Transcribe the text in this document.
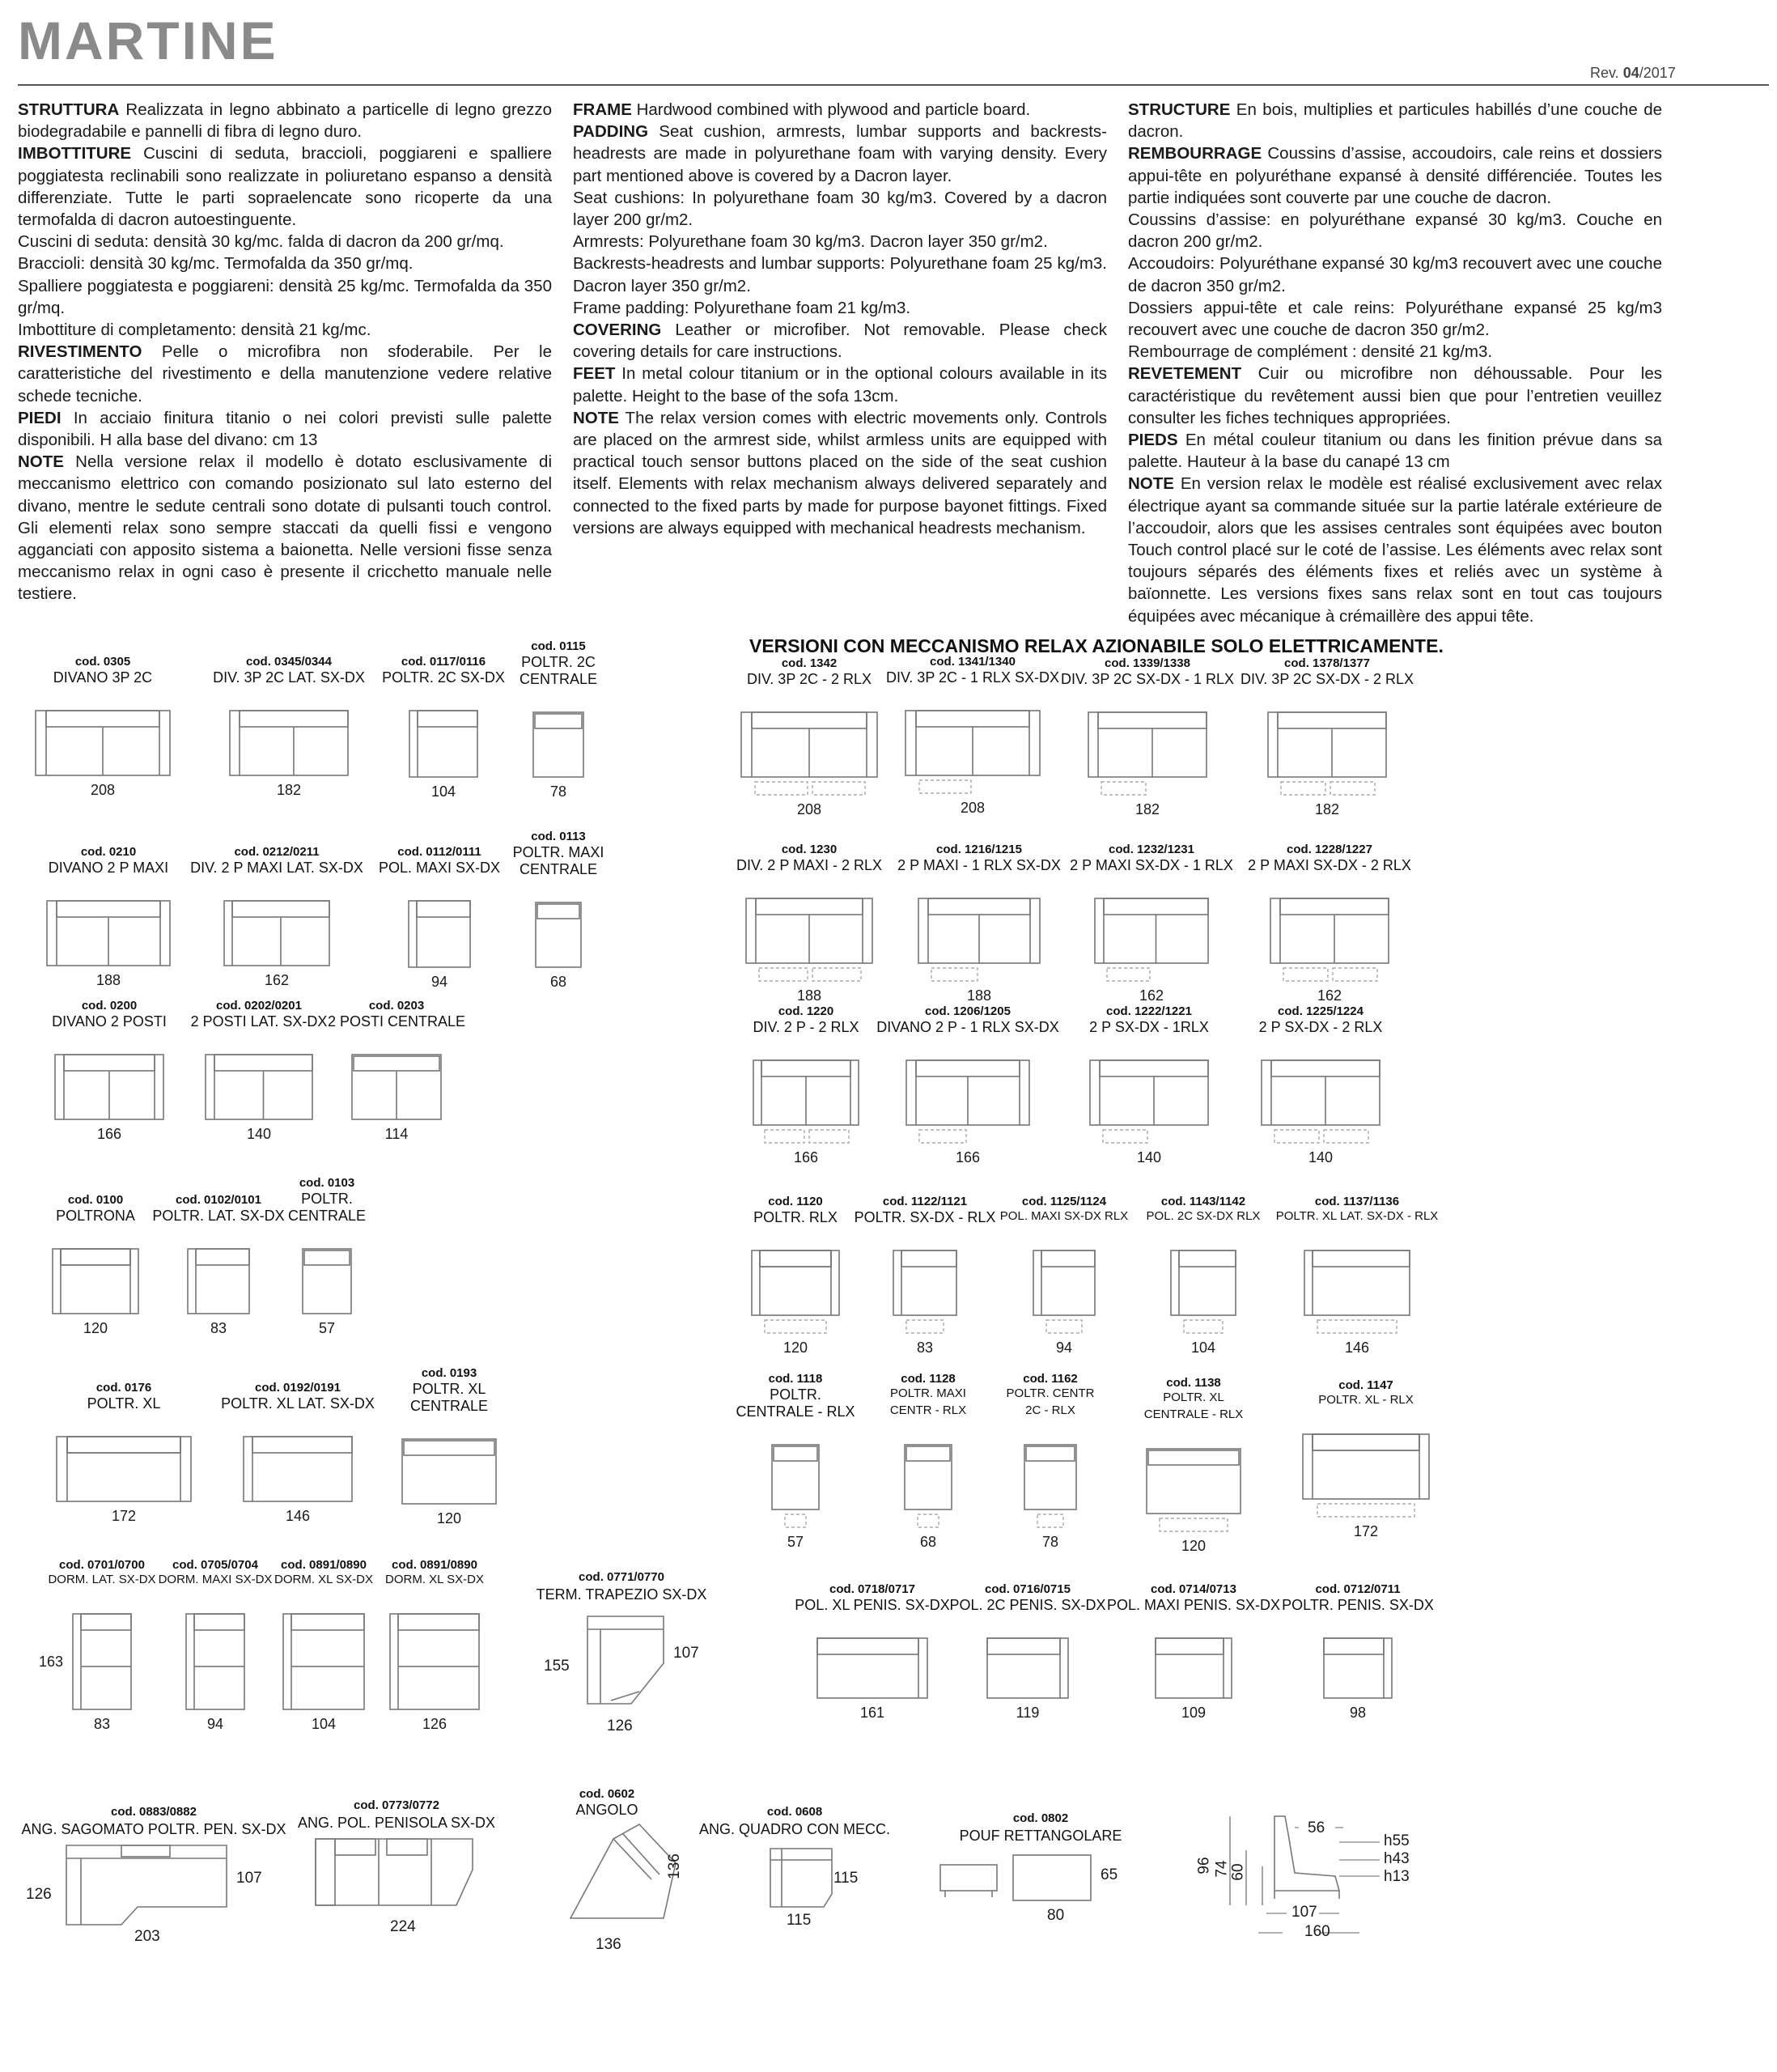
MARTINE
Rev. 04/2017

STRUTTURA Realizzata in legno abbinato a particelle di legno grezzo biodegradabile e pannelli di fibra di legno duro.

IMBOTTITURE Cuscini di seduta, braccioli, poggiareni e spalliere poggiatesta reclinabili sono realizzate in poliuretano espanso a densità differenziate. Tutte le parti sopraelencate sono ricoperte da una termofalda di dacron autoestinguente.

Cuscini di seduta: densità 30 kg/mc. falda di dacron da 200 gr/mq.

Braccioli: densità 30 kg/mc. Termofalda da 350 gr/mq.

Spalliere poggiatesta e poggiareni: densità 25 kg/mc. Termofalda da 350 gr/mq.

Imbottiture di completamento: densità 21 kg/mc.

RIVESTIMENTO Pelle o microfibra non sfoderabile. Per le caratteristiche del rivestimento e della manutenzione vedere relative schede tecniche.

PIEDI In acciaio finitura titanio o nei colori previsti sulle palette disponibili. H alla base del divano: cm 13

NOTE Nella versione relax il modello è dotato esclusivamente di meccanismo elettrico con comando posizionato sul lato esterno del divano, mentre le sedute centrali sono dotate di pulsanti touch control. Gli elementi relax sono sempre staccati da quelli fissi e vengono agganciati con apposito sistema a baionetta. Nelle versioni fisse senza meccanismo relax in ogni caso è presente il cricchetto manuale nelle testiere.

FRAME Hardwood combined with plywood and particle board.

PADDING Seat cushion, armrests, lumbar supports and backrests-headrests are made in polyurethane foam with varying density. Every part mentioned above is covered by a Dacron layer.

Seat cushions: In polyurethane foam 30 kg/m3. Covered by a dacron layer 200 gr/m2.

Armrests: Polyurethane foam 30 kg/m3. Dacron layer 350 gr/m2.

Backrests-headrests and lumbar supports: Polyurethane foam 25 kg/m3. Dacron layer 350 gr/m2.

Frame padding: Polyurethane foam 21 kg/m3.

COVERING Leather or microfiber. Not removable. Please check covering details for care instructions.

FEET In metal colour titanium or in the optional colours available in its palette. Height to the base of the sofa 13cm.

NOTE The relax version comes with electric movements only. Controls are placed on the armrest side, whilst armless units are equipped with practical touch sensor buttons placed on the side of the seat cushion itself. Elements with relax mechanism always delivered separately and connected to the fixed parts by made for purpose bayonet fittings. Fixed versions are always equipped with mechanical headrests mechanism.

STRUCTURE En bois, multiplies et particules habillés d’une couche de dacron.

REMBOURRAGE Coussins d’assise, accoudoirs, cale reins et dossiers appui-tête en polyuréthane expansé à densité différenciée. Toutes les partie indiquées sont couverte par une couche de dacron.

Coussins d’assise: en polyuréthane expansé 30 kg/m3. Couche en dacron 200 gr/m2.

Accoudoirs: Polyuréthane expansé 30 kg/m3 recouvert avec une couche de dacron 350 gr/m2.

Dossiers appui-tête et cale reins: Polyuréthane expansé 25 kg/m3 recouvert avec une couche de dacron 350 gr/m2.

Rembourrage de complément : densité 21 kg/m3.

REVETEMENT Cuir ou microfibre non déhoussable. Pour les caractéristique du revêtement aussi bien que pour l’entretien veuillez consulter les fiches techniques appropriées.

PIEDS En métal couleur titanium ou dans les finition prévue dans sa palette. Hauteur à la base du canapé 13 cm

NOTE En version relax le modèle est réalisé exclusivement avec relax électrique ayant sa commande située sur la partie latérale extérieure de l’accoudoir, alors que les assises centrales sont équipées avec bouton Touch control placé sur le coté de l’assise. Les éléments avec relax sont toujours séparés des éléments fixes et reliés avec un système à baïonnette. Les versions fixes sans relax sont en tout cas toujours équipées avec mécanique à crémaillère des appui tête.

VERSIONI CON MECCANISMO RELAX AZIONABILE SOLO ELETTRICAMENTE.
cod. 0305
DIVANO 3P 2C
208
cod. 0345/0344
DIV. 3P 2C LAT. SX-DX
182
cod. 0117/0116
POLTR. 2C SX-DX
104
cod. 0115
POLTR. 2C
CENTRALE
78
cod. 0210
DIVANO 2 P MAXI
188
cod. 0212/0211
DIV. 2 P MAXI LAT. SX-DX
162
cod. 0112/0111
POL. MAXI SX-DX
94
cod. 0113
POLTR. MAXI
CENTRALE
68
cod. 0200
DIVANO 2 POSTI
166
cod. 0202/0201
2 POSTI LAT. SX-DX
140
cod. 0203
2 POSTI CENTRALE
114
cod. 0100
POLTRONA
120
cod. 0102/0101
POLTR. LAT. SX-DX
83
cod. 0103
POLTR.
CENTRALE
57
cod. 0176
POLTR. XL
172
cod. 0192/0191
POLTR. XL LAT. SX-DX
146
cod. 0193
POLTR. XL
CENTRALE
120
cod. 1342
DIV. 3P 2C - 2 RLX
208
cod. 1341/1340
DIV. 3P 2C - 1 RLX SX-DX
208
cod. 1339/1338
DIV. 3P 2C SX-DX - 1 RLX
182
cod. 1378/1377
DIV. 3P 2C SX-DX - 2 RLX
182
cod. 1230
DIV. 2 P MAXI - 2 RLX
188
cod. 1216/1215
2 P MAXI - 1 RLX SX-DX
188
cod. 1232/1231
2 P MAXI SX-DX - 1 RLX
162
cod. 1228/1227
2 P MAXI SX-DX - 2 RLX
162
cod. 1220
DIV. 2 P - 2 RLX
166
cod. 1206/1205
DIVANO 2 P - 1 RLX SX-DX
166
cod. 1222/1221
2 P SX-DX - 1RLX
140
cod. 1225/1224
2 P SX-DX - 2 RLX
140
cod. 1120
POLTR. RLX
120
cod. 1122/1121
POLTR. SX-DX - RLX
83
cod. 1125/1124
POL. MAXI SX-DX RLX
94
cod. 1143/1142
POL. 2C SX-DX RLX
104
cod. 1137/1136
POLTR. XL LAT. SX-DX - RLX
146
cod. 1118
POLTR.
CENTRALE - RLX
57
cod. 1128
POLTR. MAXI
CENTR - RLX
68
cod. 1162
POLTR. CENTR
2C - RLX
78
cod. 1138
POLTR. XL
CENTRALE - RLX
120
cod. 1147
POLTR. XL - RLX
172
cod. 0718/0717
POL. XL PENIS. SX-DX
161
cod. 0716/0715
POL. 2C PENIS. SX-DX
119
cod. 0714/0713
POL. MAXI PENIS. SX-DX
109
cod. 0712/0711
POLTR. PENIS. SX-DX
98
cod. 0701/0700
DORM. LAT. SX-DX
83
163
cod. 0705/0704
DORM. MAXI SX-DX
94
cod. 0891/0890
DORM. XL SX-DX
104
cod. 0891/0890
DORM. XL SX-DX
126
cod. 0771/0770
TERM. TRAPEZIO SX-DX
155
107
126
cod. 0883/0882
ANG. SAGOMATO POLTR. PEN. SX-DX
107
126
203
cod. 0773/0772
ANG. POL. PENISOLA SX-DX
224
cod. 0602
ANGOLO
136
136
cod. 0608
ANG. QUADRO CON MECC.
115
115
cod. 0802
POUF RETTANGOLARE
65
80
96 74 60
56
h55
h43
h13
107
160
